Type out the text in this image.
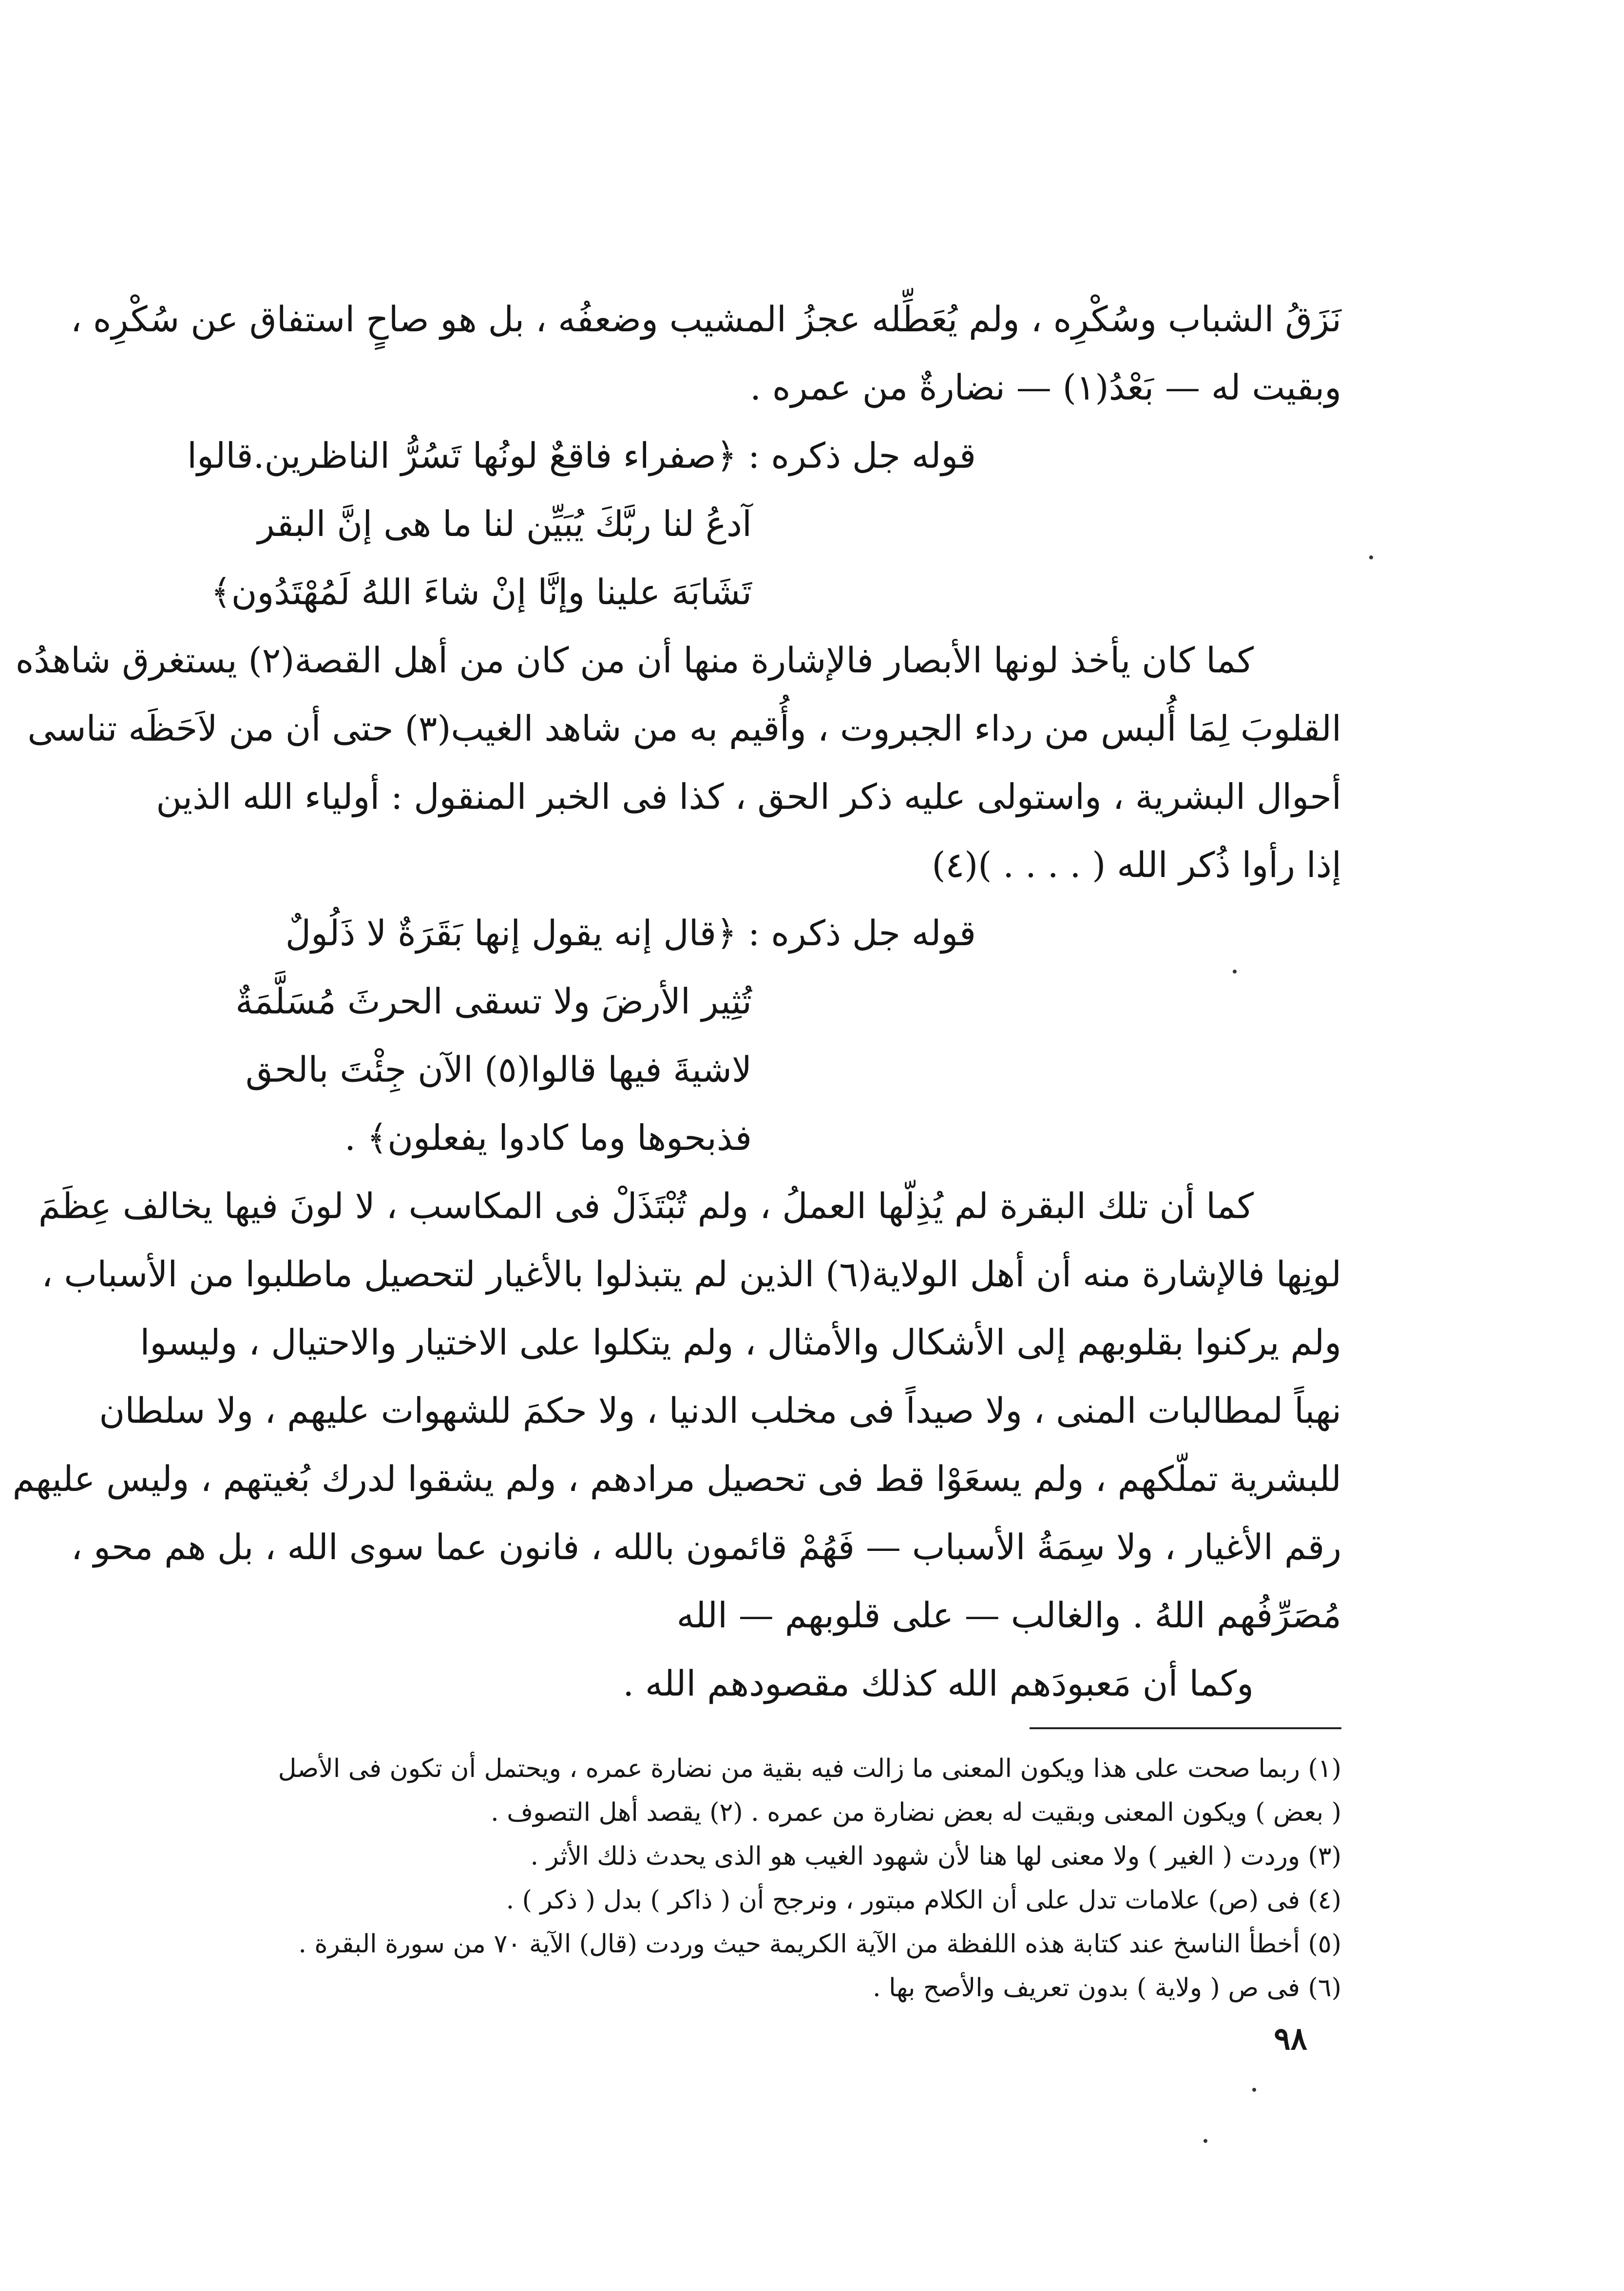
نَزَقُ الشباب وسُكْرِه ، ولم يُعَطِّله عجزُ المشيب وضعفُه ، بل هو صاحٍ استفاق عن سُكْرِه ،
وبقيت له — بَعْدُ(١) — نضارةٌ من عمره .
قوله جل ذكره : ﴿صفراء فاقعٌ لونُها تَسُرُّ الناظرين.قالوا
آدعُ لنا ربَّكَ يُبَيِّن لنا ما هى إنَّ البقر
تَشَابَهَ علينا وإنَّا إنْ شاءَ اللهُ لَمُهْتَدُون﴾
كما كان يأخذ لونها الأبصار فالإشارة منها أن من كان من أهل القصة(٢) يستغرق شاهدُه
القلوبَ لِمَا أُلبس من رداء الجبروت ، وأُقيم به من شاهد الغيب(٣) حتى أن من لاَحَظَه تناسى
أحوال البشرية ، واستولى عليه ذكر الحق ، كذا فى الخبر المنقول : أولياء الله الذين
إذا رأوا ذُكر الله ( . . . . )(٤)
قوله جل ذكره : ﴿قال إنه يقول إنها بَقَرَةٌ لا ذَلُولٌ
تُثِير الأرضَ ولا تسقى الحرثَ مُسَلَّمَةٌ
لاشيةَ فيها قالوا(٥) الآن جِئْتَ بالحق
فذبحوها وما كادوا يفعلون﴾ .
كما أن تلك البقرة لم يُذِلّها العملُ ، ولم تُبْتَذَلْ فى المكاسب ، لا لونَ فيها يخالف عِظَمَ
لونِها فالإشارة منه أن أهل الولاية(٦) الذين لم يتبذلوا بالأغيار لتحصيل ماطلبوا من الأسباب ،
ولم يركنوا بقلوبهم إلى الأشكال والأمثال ، ولم يتكلوا على الاختيار والاحتيال ، وليسوا
نهباً لمطالبات المنى ، ولا صيداً فى مخلب الدنيا ، ولا حكمَ للشهوات عليهم ، ولا سلطان
للبشرية تملّكهم ، ولم يسعَوْا قط فى تحصيل مرادهم ، ولم يشقوا لدرك بُغيتهم ، وليس عليهم
رقم الأغيار ، ولا سِمَةُ الأسباب — فَهُمْ قائمون بالله ، فانون عما سوى الله ، بل هم محو ،
مُصَرِّفُهم اللهُ . والغالب — على قلوبهم — الله
وكما أن مَعبودَهم الله كذلك مقصودهم الله .
(١) ربما صحت على هذا ويكون المعنى ما زالت فيه بقية من نضارة عمره ، ويحتمل أن تكون فى الأصل
( بعض ) ويكون المعنى وبقيت له بعض نضارة من عمره . (٢) يقصد أهل التصوف .
(٣) وردت ( الغير ) ولا معنى لها هنا لأن شهود الغيب هو الذى يحدث ذلك الأثر .
(٤) فى (ص) علامات تدل على أن الكلام مبتور ، ونرجح أن ( ذاكر ) بدل ( ذكر ) .
(٥) أخطأ الناسخ عند كتابة هذه اللفظة من الآية الكريمة حيث وردت (قال) الآية ٧٠ من سورة البقرة .
(٦) فى ص ( ولاية ) بدون تعريف والأصح بها .
٩٨
